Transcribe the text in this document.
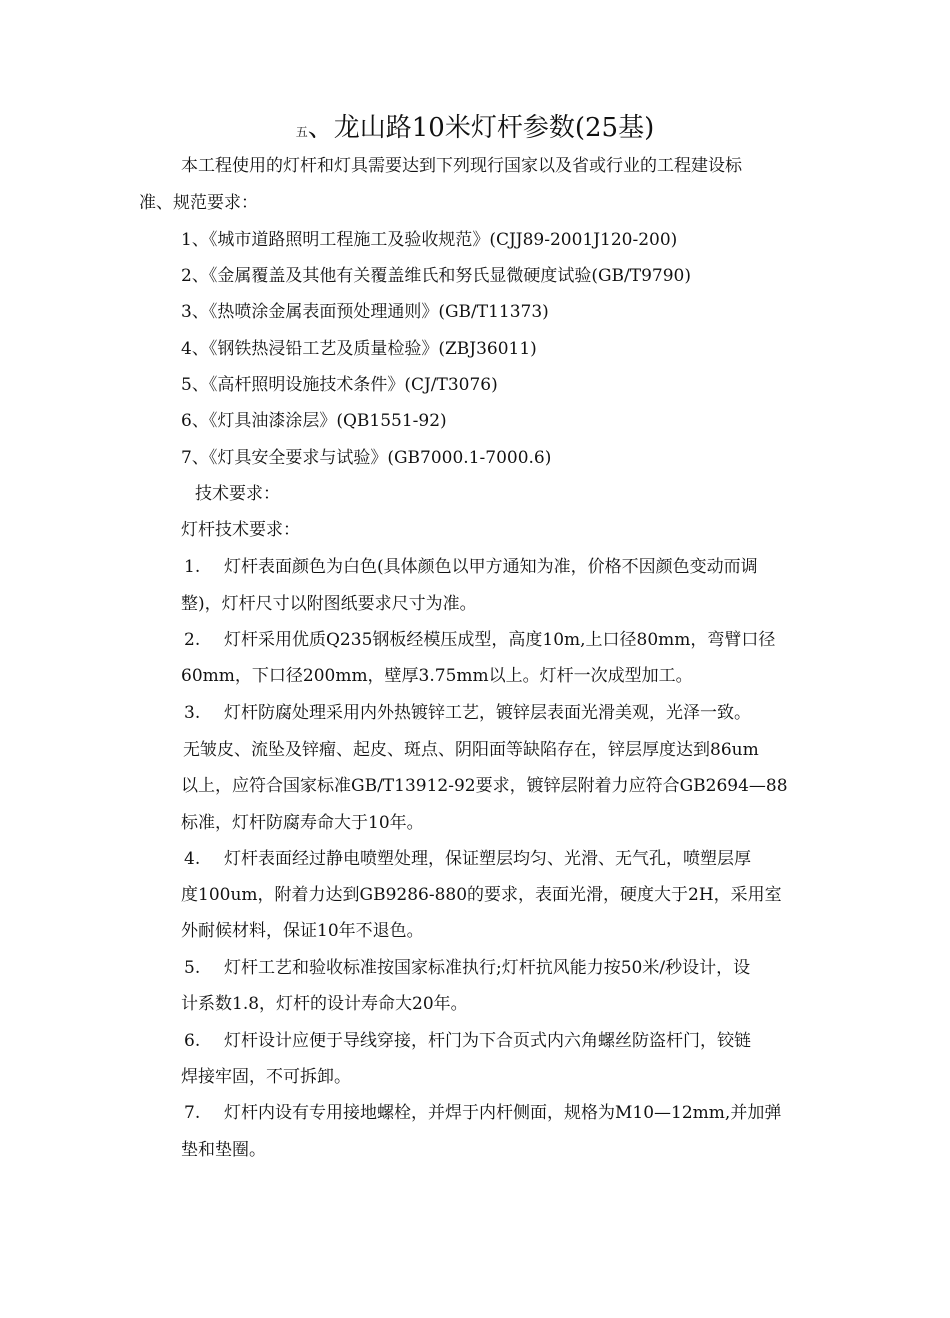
五、龙山路10米灯杆参数(25基)
本工程使用的灯杆和灯具需要达到下列现行国家以及省或行业的工程建设标
准、规范要求：
1、《城市道路照明工程施工及验收规范》(CJJ89-2001J120-200)
2、《金属覆盖及其他有关覆盖维氏和努氏显微硬度试验(GB/T9790)
3、《热喷涂金属表面预处理通则》(GB/T11373)
4、《钢铁热浸铅工艺及质量检验》(ZBJ36011)
5、《高杆照明设施技术条件》(CJ/T3076)
6、《灯具油漆涂层》(QB1551-92)
7、《灯具安全要求与试验》(GB7000.1-7000.6)
技术要求：
灯杆技术要求：
1. 灯杆表面颜色为白色(具体颜色以甲方通知为准，价格不因颜色变动而调
整)，灯杆尺寸以附图纸要求尺寸为准。
2. 灯杆采用优质Q235钢板经模压成型，高度10m,上口径80mm，弯臂口径
60mm，下口径200mm，壁厚3.75mm以上。灯杆一次成型加工。
3. 灯杆防腐处理采用内外热镀锌工艺，镀锌层表面光滑美观，光泽一致。
无皱皮、流坠及锌瘤、起皮、斑点、阴阳面等缺陷存在，锌层厚度达到86um
以上，应符合国家标准GB/T13912-92要求，镀锌层附着力应符合GB2694—88
标准，灯杆防腐寿命大于10年。
4. 灯杆表面经过静电喷塑处理，保证塑层均匀、光滑、无气孔，喷塑层厚
度100um，附着力达到GB9286-880的要求，表面光滑，硬度大于2H，采用室
外耐候材料，保证10年不退色。
5. 灯杆工艺和验收标准按国家标准执行;灯杆抗风能力按50米/秒设计，设
计系数1.8，灯杆的设计寿命大20年。
6. 灯杆设计应便于导线穿接，杆门为下合页式内六角螺丝防盗杆门，铰链
焊接牢固，不可拆卸。
7. 灯杆内设有专用接地螺栓，并焊于内杆侧面，规格为M10—12mm,并加弹
垫和垫圈。
